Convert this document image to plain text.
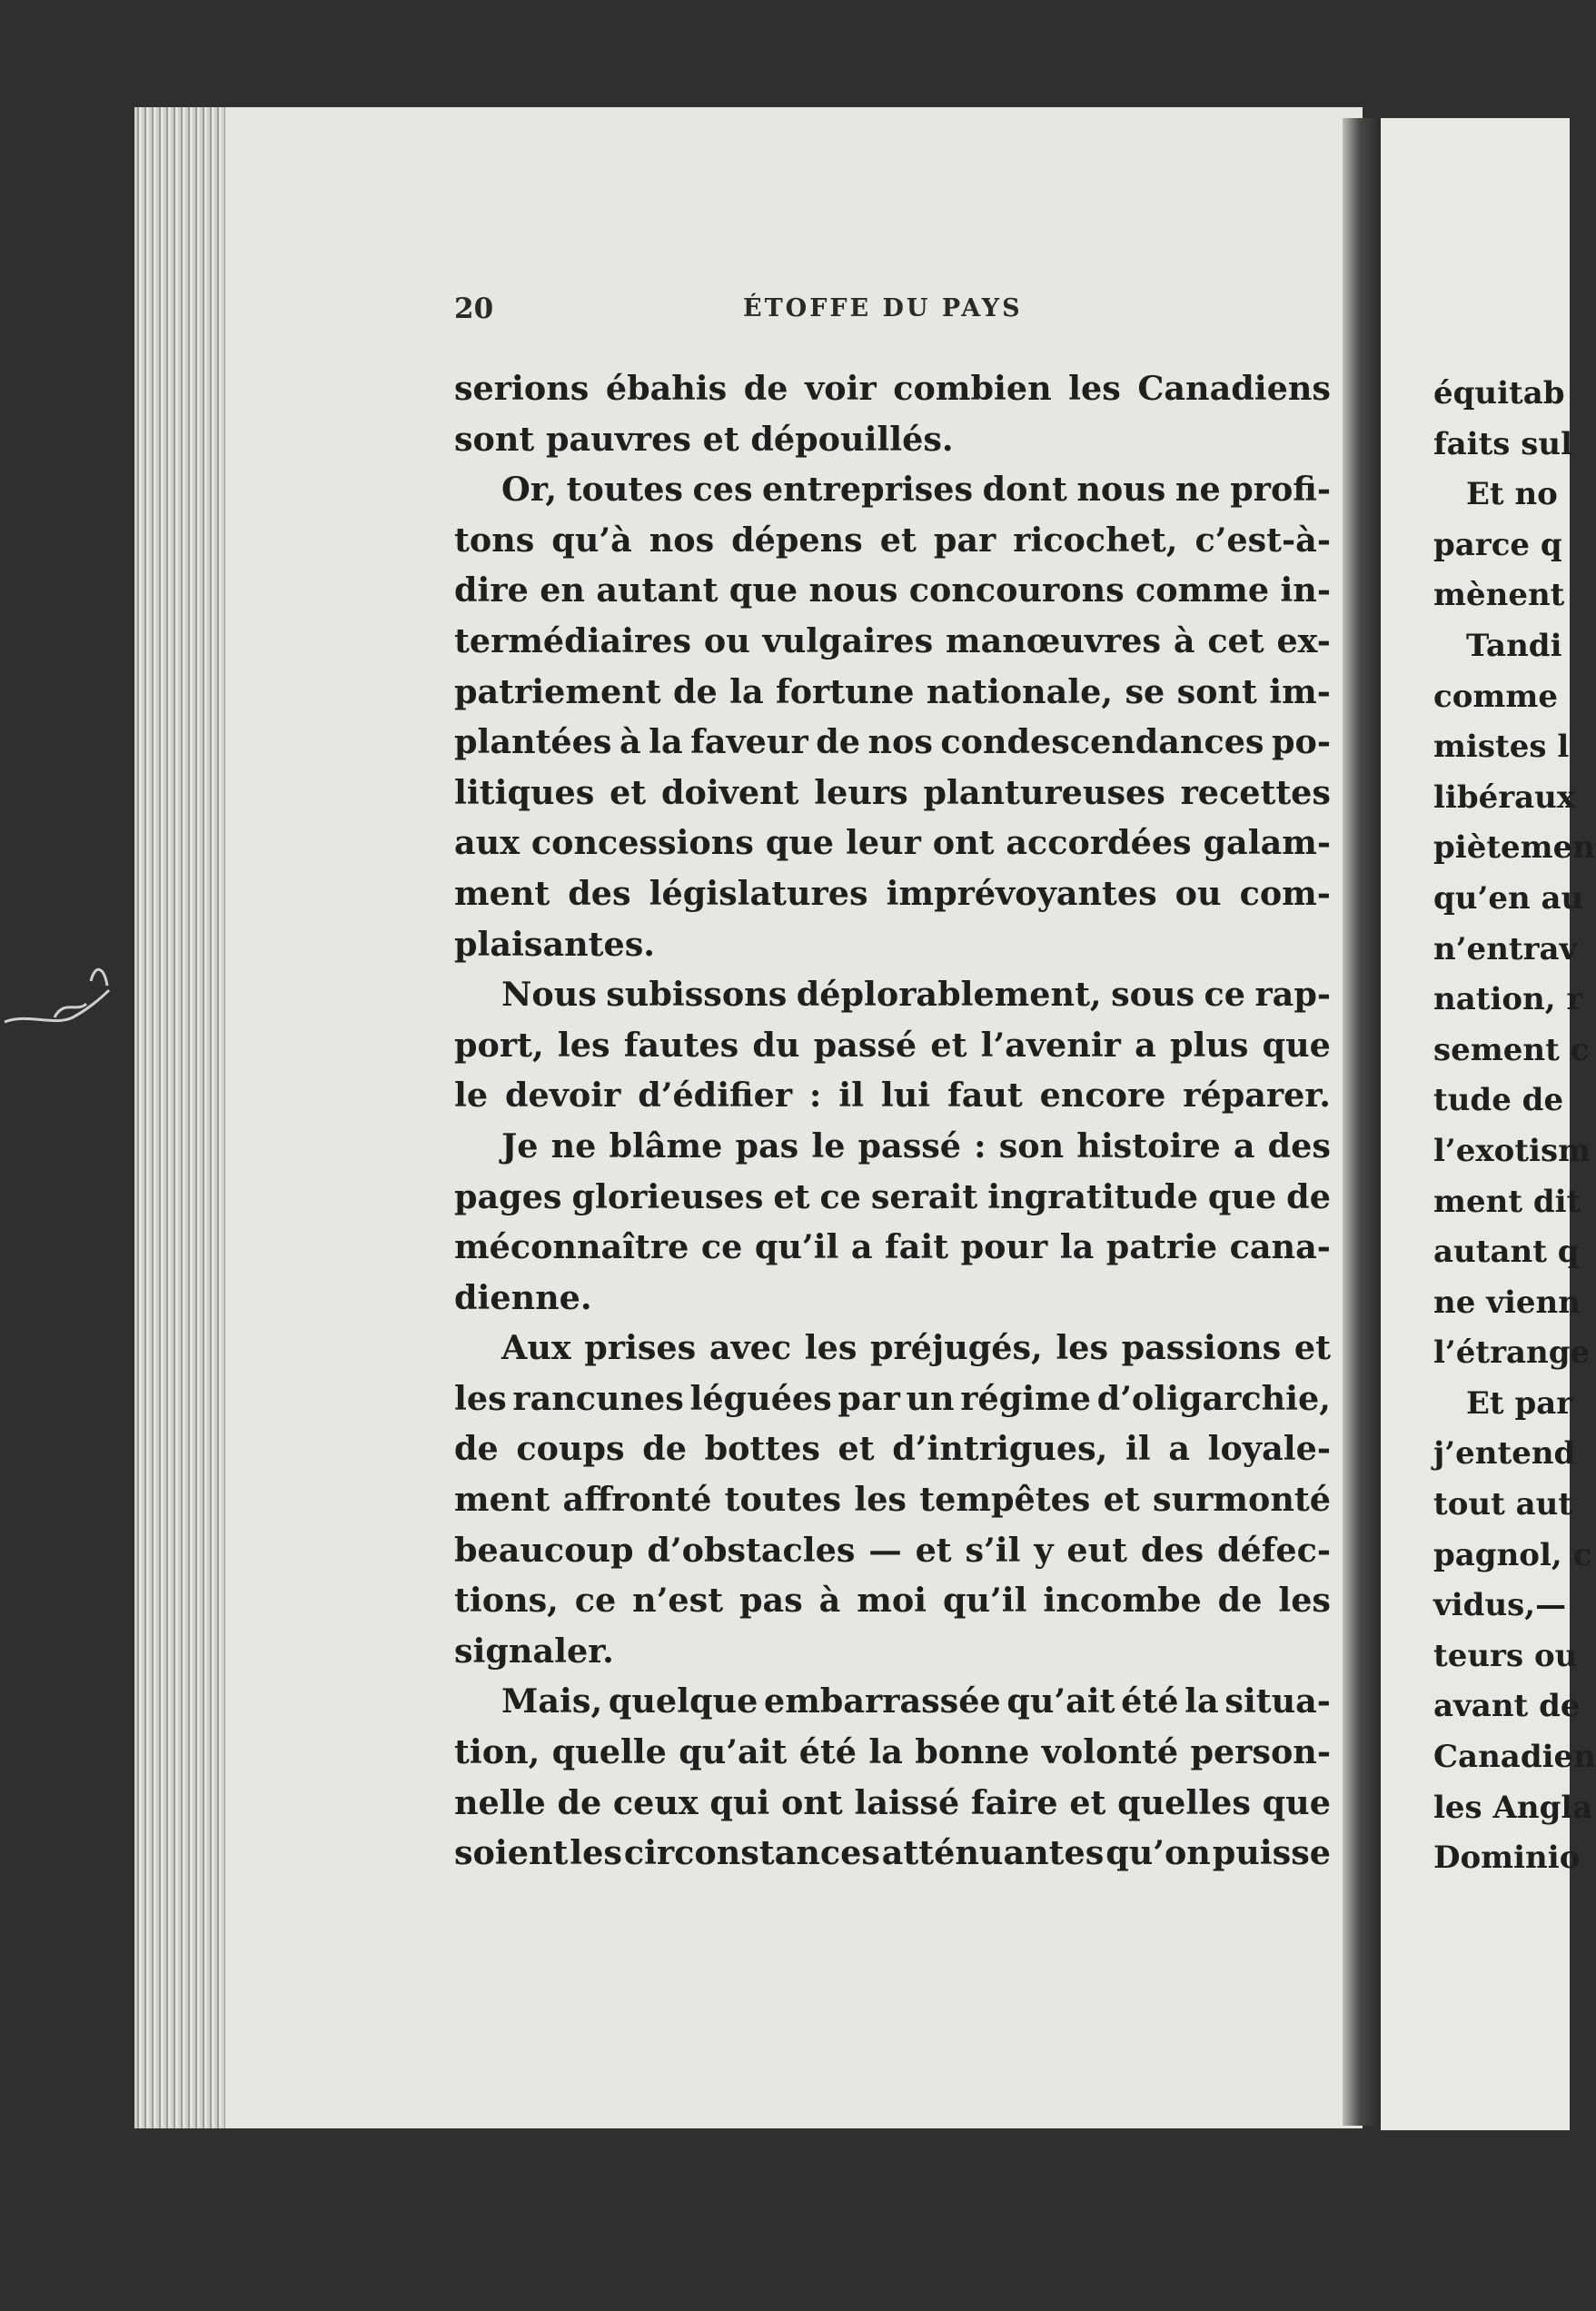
20	ÉTOFFE DU PAYS
serions ébahis de voir combien les Canadiens
sont pauvres et dépouillés.
Or, toutes ces entreprises dont nous ne profi-
tons qu’à nos dépens et par ricochet, c’est-à-
dire en autant que nous concourons comme in-
termédiaires ou vulgaires manœuvres à cet ex-
patriement de la fortune nationale, se sont im-
plantées à la faveur de nos condescendances po-
litiques et doivent leurs plantureuses recettes
aux concessions que leur ont accordées galam-
ment des législatures imprévoyantes ou com-
plaisantes.
Nous subissons déplorablement, sous ce rap-
port, les fautes du passé et l’avenir a plus que
le devoir d’édifier : il lui faut encore réparer.
Je ne blâme pas le passé : son histoire a des
pages glorieuses et ce serait ingratitude que de
méconnaître ce qu’il a fait pour la patrie cana-
dienne.
Aux prises avec les préjugés, les passions et
les rancunes léguées par un régime d’oligarchie,
de coups de bottes et d’intrigues, il a loyale-
ment affronté toutes les tempêtes et surmonté
beaucoup d’obstacles — et s’il y eut des défec-
tions, ce n’est pas à moi qu’il incombe de les
signaler.
Mais, quelque embarrassée qu’ait été la situa-
tion, quelle qu’ait été la bonne volonté person-
nelle de ceux qui ont laissé faire et quelles que
soient les circonstances atténuantes qu’on puisse
équitab
faits sul
Et no
parce q
mènent
Tandi
comme
mistes l
libéraux
piètemen
qu’en au
n’entrav
nation, r
sement c
tude de
l’exotism
ment dit
autant q
ne vienn
l’étrange
Et par
j’entend
tout aut
pagnol, c
vidus,—
teurs ou
avant de
Canadien
les Angla
Dominio
